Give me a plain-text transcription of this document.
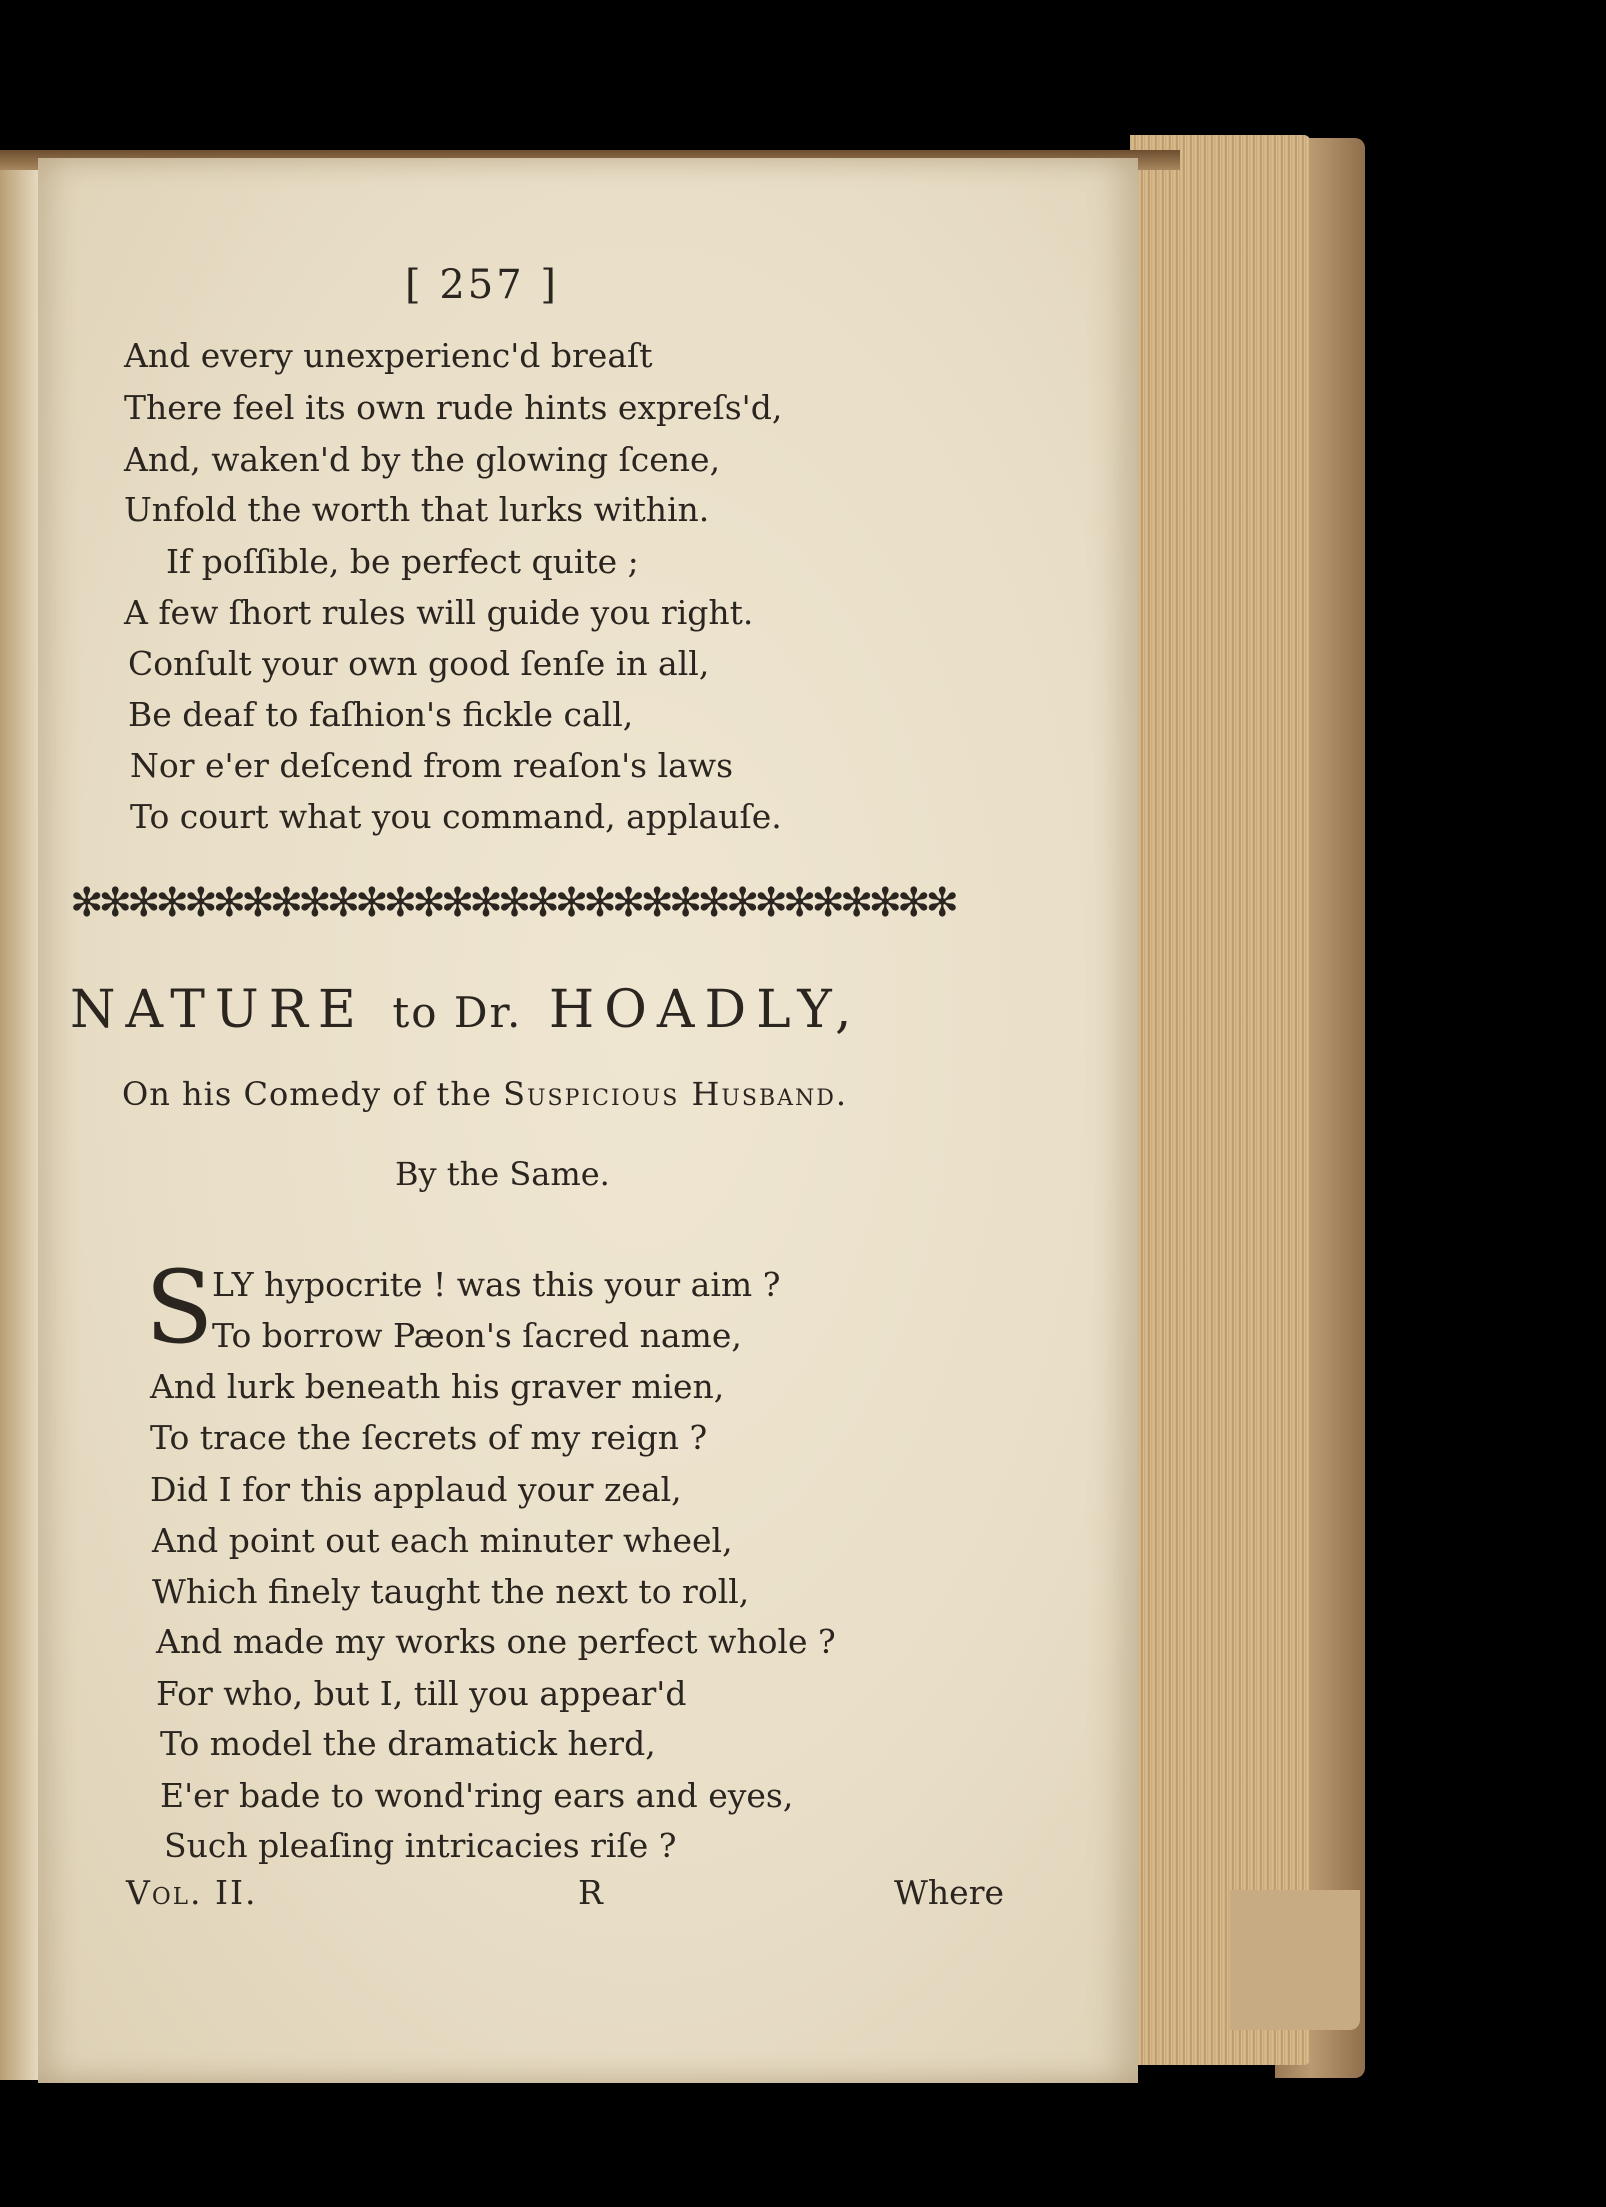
[ 257 ]
And every unexperienc'd breaſt
There feel its own rude hints expreſs'd,
And, waken'd by the glowing ſcene,
Unfold the worth that lurks within.
If poſſible, be perfect quite ;
A few ſhort rules will guide you right.
Conſult your own good ſenſe in all,
Be deaf to faſhion's fickle call,
Nor e'er deſcend from reaſon's laws
To court what you command, applauſe.
✻✻✻✻✻✻✻✻✻✻✻✻✻✻✻✻✻✻✻✻✻✻✻✻✻✻✻✻✻✻✻
NATURE to Dr. HOADLY,
On his Comedy of the Suspicious Husband.
By the Same.
S
LY hypocrite ! was this your aim ?
To borrow Pæon's ſacred name,
And lurk beneath his graver mien,
To trace the ſecrets of my reign ?
Did I for this applaud your zeal,
And point out each minuter wheel,
Which finely taught the next to roll,
And made my works one perfect whole ?
For who, but I, till you appear'd
To model the dramatick herd,
E'er bade to wond'ring ears and eyes,
Such pleaſing intricacies riſe ?
Vol. II.	R	Where
